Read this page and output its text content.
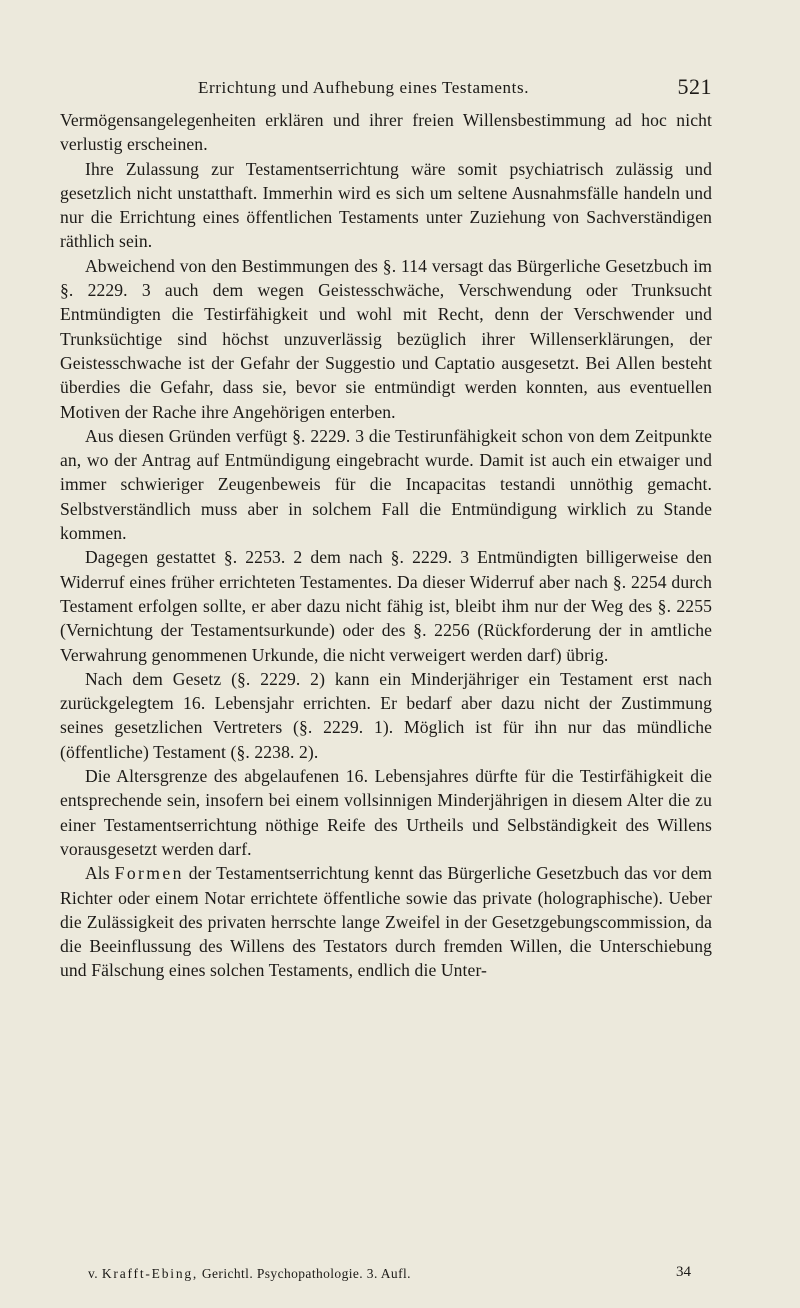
Errichtung und Aufhebung eines Testaments.	521

Vermögensangelegenheiten erklären und ihrer freien Willensbestimmung ad hoc nicht verlustig erscheinen.

Ihre Zulassung zur Testamentserrichtung wäre somit psychiatrisch zulässig und gesetzlich nicht unstatthaft. Immerhin wird es sich um seltene Ausnahmsfälle handeln und nur die Errichtung eines öffentlichen Testaments unter Zuziehung von Sachverständigen räthlich sein.

Abweichend von den Bestimmungen des §. 114 versagt das Bürgerliche Gesetzbuch im §. 2229. 3 auch dem wegen Geistesschwäche, Verschwendung oder Trunksucht Entmündigten die Testirfähigkeit und wohl mit Recht, denn der Verschwender und Trunksüchtige sind höchst unzuverlässig bezüglich ihrer Willenserklärungen, der Geistesschwache ist der Gefahr der Suggestio und Captatio ausgesetzt. Bei Allen besteht überdies die Gefahr, dass sie, bevor sie entmündigt werden konnten, aus eventuellen Motiven der Rache ihre Angehörigen enterben.

Aus diesen Gründen verfügt §. 2229. 3 die Testirunfähigkeit schon von dem Zeitpunkte an, wo der Antrag auf Entmündigung eingebracht wurde. Damit ist auch ein etwaiger und immer schwieriger Zeugenbeweis für die Incapacitas testandi unnöthig gemacht. Selbstverständlich muss aber in solchem Fall die Entmündigung wirklich zu Stande kommen.

Dagegen gestattet §. 2253. 2 dem nach §. 2229. 3 Entmündigten billigerweise den Widerruf eines früher errichteten Testamentes. Da dieser Widerruf aber nach §. 2254 durch Testament erfolgen sollte, er aber dazu nicht fähig ist, bleibt ihm nur der Weg des §. 2255 (Vernichtung der Testamentsurkunde) oder des §. 2256 (Rückforderung der in amtliche Verwahrung genommenen Urkunde, die nicht verweigert werden darf) übrig.

Nach dem Gesetz (§. 2229. 2) kann ein Minderjähriger ein Testament erst nach zurückgelegtem 16. Lebensjahr errichten. Er bedarf aber dazu nicht der Zustimmung seines gesetzlichen Vertreters (§. 2229. 1). Möglich ist für ihn nur das mündliche (öffentliche) Testament (§. 2238. 2).

Die Altersgrenze des abgelaufenen 16. Lebensjahres dürfte für die Testirfähigkeit die entsprechende sein, insofern bei einem vollsinnigen Minderjährigen in diesem Alter die zu einer Testamentserrichtung nöthige Reife des Urtheils und Selbständigkeit des Willens vorausgesetzt werden darf.

Als Formen der Testamentserrichtung kennt das Bürgerliche Gesetzbuch das vor dem Richter oder einem Notar errichtete öffentliche sowie das private (holographische). Ueber die Zulässigkeit des privaten herrschte lange Zweifel in der Gesetzgebungscommission, da die Beeinflussung des Willens des Testators durch fremden Willen, die Unterschiebung und Fälschung eines solchen Testaments, endlich die Unter-

v. Krafft-Ebing, Gerichtl. Psychopathologie. 3. Aufl.	34
